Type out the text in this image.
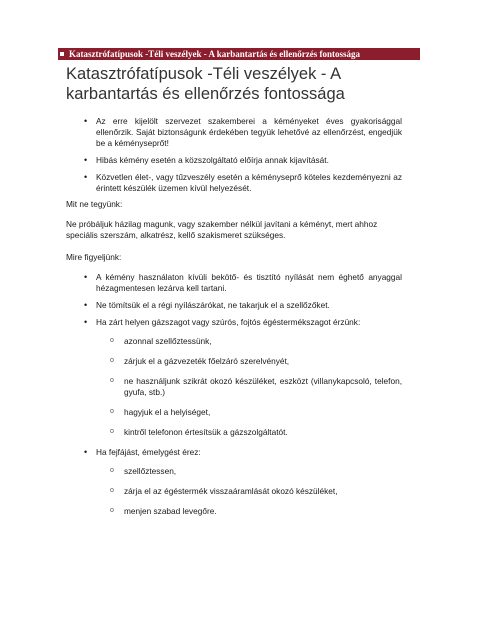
Katasztrófatípusok -Téli veszélyek - A karbantartás és ellenőrzés fontossága
Katasztrófatípusok -Téli veszélyek - A karbantartás és ellenőrzés fontossága
• Az erre kijelölt szervezet szakemberei a kéményeket éves gyakorisággal ellenőrzik. Saját biztonságunk érdekében tegyük lehetővé az ellenőrzést, engedjük be a kéményseprőt!
• Hibás kémény esetén a közszolgáltató előírja annak kijavítását.
• Közvetlen élet-, vagy tűzveszély esetén a kéményseprő köteles kezdeményezni az érintett készülék üzemen kívül helyezését.
Mit ne tegyünk:
Ne próbáljuk házilag magunk, vagy szakember nélkül javítani a kéményt, mert ahhoz speciális szerszám, alkatrész, kellő szakismeret szükséges.
Mire figyeljünk:
• A kémény használaton kívüli bekötő- és tisztító nyílását nem éghető anyaggal hézagmentesen lezárva kell tartani.
• Ne tömítsük el a régi nyílászárókat, ne takarjuk el a szellőzőket.
• Ha zárt helyen gázszagot vagy szúrós, fojtós égéstermékszagot érzünk:
o azonnal szellőztessünk,
o zárjuk el a gázvezeték főelzáró szerelvényét,
o ne használjunk szikrát okozó készüléket, eszközt (villanykapcsoló, telefon, gyufa, stb.)
o hagyjuk el a helyiséget,
o kintről telefonon értesítsük a gázszolgáltatót.
• Ha fejfájást, émelygést érez:
o szellőztessen,
o zárja el az égéstermék visszaáramlását okozó készüléket,
o menjen szabad levegőre.
